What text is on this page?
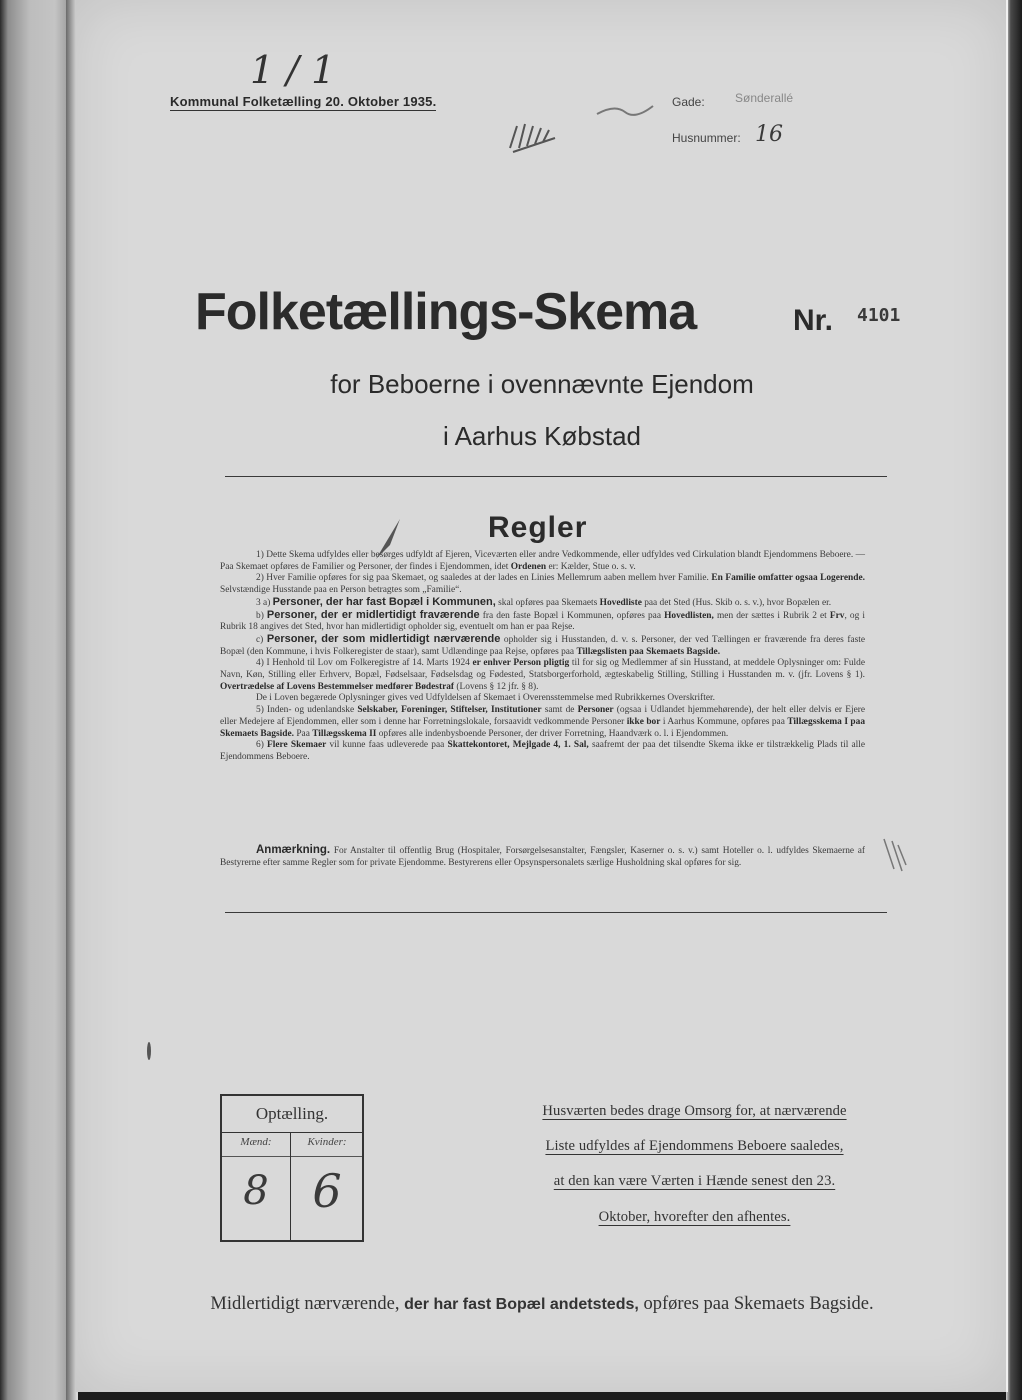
1 / 1
Kommunal Folketælling 20. Oktober 1935.	Gade:	Sønderallé
Husnummer: 16
Folketællings-Skema	Nr. 4101
for Beboerne i ovennævnte Ejendom
i Aarhus Købstad
Regler

1) Dette Skema udfyldes eller besørges udfyldt af Ejeren, Viceværten eller andre Vedkommende, eller udfyldes ved Cirkulation blandt Ejendommens Beboere. — Paa Skemaet opføres de Familier og Personer, der findes i Ejendommen, idet Ordenen er: Kælder, Stue o. s. v.

2) Hver Familie opføres for sig paa Skemaet, og saaledes at der lades en Linies Mellemrum aaben mellem hver Familie. En Familie omfatter ogsaa Logerende. Selvstændige Husstande paa en Person betragtes som „Familie“.

3 a) Personer, der har fast Bopæl i Kommunen, skal opføres paa Skemaets Hovedliste paa det Sted (Hus. Skib o. s. v.), hvor Bopælen er.

b) Personer, der er midlertidigt fraværende fra den faste Bopæl i Kommunen, opføres paa Hovedlisten, men der sættes i Rubrik 2 et Frv, og i Rubrik 18 angives det Sted, hvor han midlertidigt opholder sig, eventuelt om han er paa Rejse.

c) Personer, der som midlertidigt nærværende opholder sig i Husstanden, d. v. s. Personer, der ved Tællingen er fraværende fra deres faste Bopæl (den Kommune, i hvis Folkeregister de staar), samt Udlændinge paa Rejse, opføres paa Tillægslisten paa Skemaets Bagside.

4) I Henhold til Lov om Folkeregistre af 14. Marts 1924 er enhver Person pligtig til for sig og Medlemmer af sin Husstand, at meddele Oplysninger om: Fulde Navn, Køn, Stilling eller Erhverv, Bopæl, Fødselsaar, Fødselsdag og Fødested, Statsborgerforhold, ægteskabelig Stilling, Stilling i Husstanden m. v. (jfr. Lovens § 1). Overtrædelse af Lovens Bestemmelser medfører Bødestraf (Lovens § 12 jfr. § 8).

De i Loven begærede Oplysninger gives ved Udfyldelsen af Skemaet i Overensstemmelse med Rubrikkernes Overskrifter.

5) Inden- og udenlandske Selskaber, Foreninger, Stiftelser, Institutioner samt de Personer (ogsaa i Udlandet hjemmehørende), der helt eller delvis er Ejere eller Medejere af Ejendommen, eller som i denne har Forretningslokale, forsaavidt vedkommende Personer ikke bor i Aarhus Kommune, opføres paa Tillægsskema I paa Skemaets Bagside. Paa Tillægsskema II opføres alle indenbysboende Personer, der driver Forretning, Haandværk o. l. i Ejendommen.

6) Flere Skemaer vil kunne faas udleverede paa Skattekontoret, Mejlgade 4, 1. Sal, saafremt der paa det tilsendte Skema ikke er tilstrækkelig Plads til alle Ejendommens Beboere.

Anmærkning. For Anstalter til offentlig Brug (Hospitaler, Forsørgelsesanstalter, Fængsler, Kaserner o. s. v.) samt Hoteller o. l. udfyldes Skemaerne af Bestyrerne efter samme Regler som for private Ejendomme. Bestyrerens eller Opsynspersonalets særlige Husholdning skal opføres for sig.

Optælling.
Mænd:	Kvinder:
8 6
Husværten bedes drage Omsorg for, at nærværende
Liste udfyldes af Ejendommens Beboere saaledes,
at den kan være Værten i Hænde senest den 23.
Oktober, hvorefter den afhentes.
Midlertidigt nærværende, der har fast Bopæl andetsteds, opføres paa Skemaets Bagside.
